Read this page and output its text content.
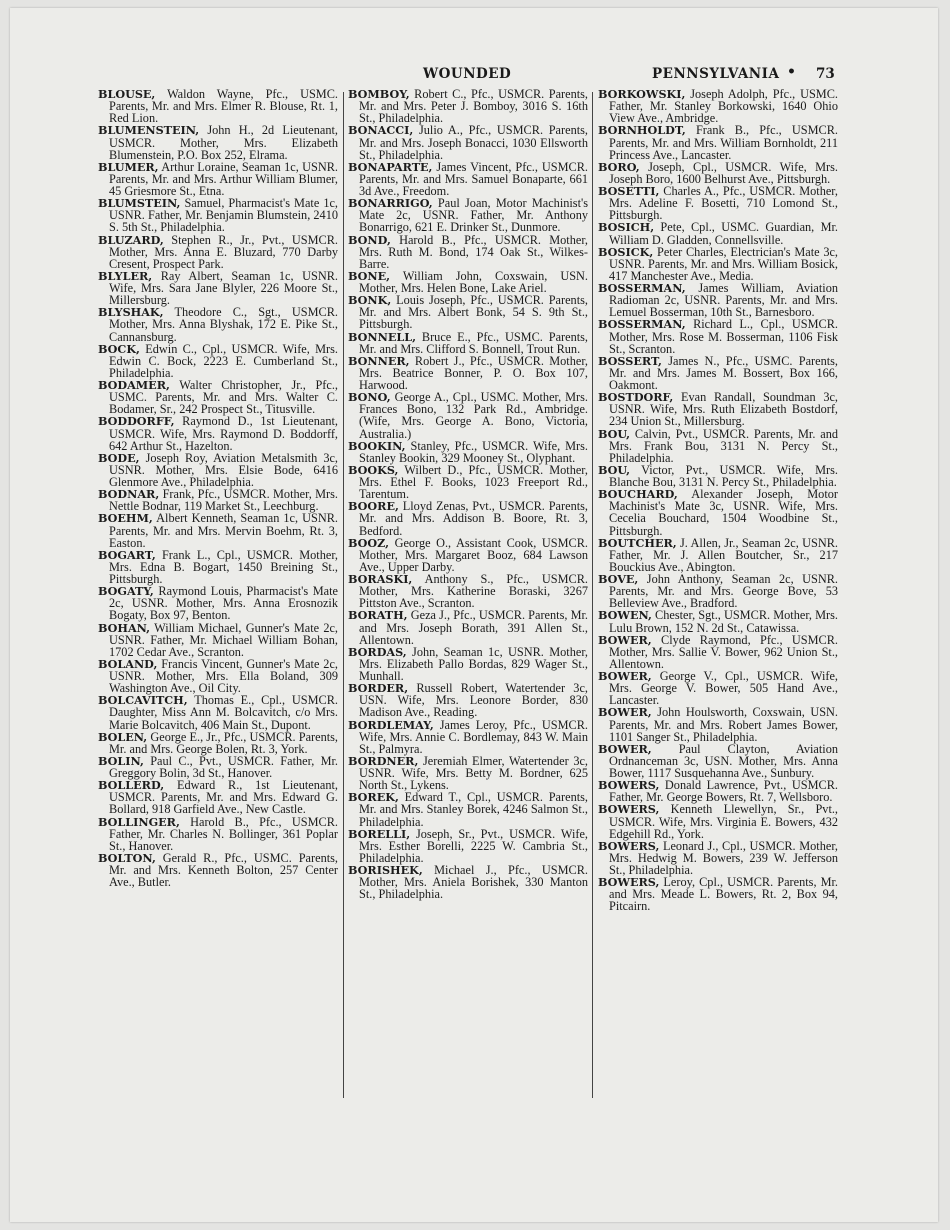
WOUNDED	PENNSYLVANIA • 73

BLOUSE, Waldon Wayne, Pfc., USMC. Parents, Mr. and Mrs. Elmer R. Blouse, Rt. 1, Red Lion.

BLUMENSTEIN, John H., 2d Lieutenant, USMCR. Mother, Mrs. Elizabeth Blumenstein, P.O. Box 252, Elrama.

BLUMER, Arthur Loraine, Seaman 1c, USNR. Parents, Mr. and Mrs. Arthur William Blumer, 45 Griesmore St., Etna.

BLUMSTEIN, Samuel, Pharmacist's Mate 1c, USNR. Father, Mr. Benjamin Blumstein, 2410 S. 5th St., Philadelphia.

BLUZARD, Stephen R., Jr., Pvt., USMCR. Mother, Mrs. Anna E. Bluzard, 770 Darby Cresent, Prospect Park.

BLYLER, Ray Albert, Seaman 1c, USNR. Wife, Mrs. Sara Jane Blyler, 226 Moore St., Millersburg.

BLYSHAK, Theodore C., Sgt., USMCR. Mother, Mrs. Anna Blyshak, 172 E. Pike St., Cannansburg.

BOCK, Edwin C., Cpl., USMCR. Wife, Mrs. Edwin C. Bock, 2223 E. Cumberland St., Philadelphia.

BODAMER, Walter Christopher, Jr., Pfc., USMC. Parents, Mr. and Mrs. Walter C. Bodamer, Sr., 242 Prospect St., Titusville.

BODDORFF, Raymond D., 1st Lieutenant, USMCR. Wife, Mrs. Raymond D. Boddorff, 642 Arthur St., Hazelton.

BODE, Joseph Roy, Aviation Metalsmith 3c, USNR. Mother, Mrs. Elsie Bode, 6416 Glenmore Ave., Philadelphia.

BODNAR, Frank, Pfc., USMCR. Mother, Mrs. Nettle Bodnar, 119 Market St., Leechburg.

BOEHM, Albert Kenneth, Seaman 1c, USNR. Parents, Mr. and Mrs. Mervin Boehm, Rt. 3, Easton.

BOGART, Frank L., Cpl., USMCR. Mother, Mrs. Edna B. Bogart, 1450 Breining St., Pittsburgh.

BOGATY, Raymond Louis, Pharmacist's Mate 2c, USNR. Mother, Mrs. Anna Erosnozik Bogaty, Box 97, Benton.

BOHAN, William Michael, Gunner's Mate 2c, USNR. Father, Mr. Michael William Bohan, 1702 Cedar Ave., Scranton.

BOLAND, Francis Vincent, Gunner's Mate 2c, USNR. Mother, Mrs. Ella Boland, 309 Washington Ave., Oil City.

BOLCAVITCH, Thomas E., Cpl., USMCR. Daughter, Miss Ann M. Bolcavitch, c/o Mrs. Marie Bolcavitch, 406 Main St., Dupont.

BOLEN, George E., Jr., Pfc., USMCR. Parents, Mr. and Mrs. George Bolen, Rt. 3, York.

BOLIN, Paul C., Pvt., USMCR. Father, Mr. Greggory Bolin, 3d St., Hanover.

BOLLERD, Edward R., 1st Lieutenant, USMCR. Parents, Mr. and Mrs. Edward G. Bollard, 918 Garfield Ave., New Castle.

BOLLINGER, Harold B., Pfc., USMCR. Father, Mr. Charles N. Bollinger, 361 Poplar St., Hanover.

BOLTON, Gerald R., Pfc., USMC. Parents, Mr. and Mrs. Kenneth Bolton, 257 Center Ave., Butler.

BOMBOY, Robert C., Pfc., USMCR. Parents, Mr. and Mrs. Peter J. Bomboy, 3016 S. 16th St., Philadelphia.

BONACCI, Julio A., Pfc., USMCR. Parents, Mr. and Mrs. Joseph Bonacci, 1030 Ellsworth St., Philadelphia.

BONAPARTE, James Vincent, Pfc., USMCR. Parents, Mr. and Mrs. Samuel Bonaparte, 661 3d Ave., Freedom.

BONARRIGO, Paul Joan, Motor Machinist's Mate 2c, USNR. Father, Mr. Anthony Bonarrigo, 621 E. Drinker St., Dunmore.

BOND, Harold B., Pfc., USMCR. Mother, Mrs. Ruth M. Bond, 174 Oak St., Wilkes-Barre.

BONE, William John, Coxswain, USN. Mother, Mrs. Helen Bone, Lake Ariel.

BONK, Louis Joseph, Pfc., USMCR. Parents, Mr. and Mrs. Albert Bonk, 54 S. 9th St., Pittsburgh.

BONNELL, Bruce E., Pfc., USMC. Parents, Mr. and Mrs. Clifford S. Bonnell, Trout Run.

BONNER, Robert J., Pfc., USMCR. Mother, Mrs. Beatrice Bonner, P. O. Box 107, Harwood.

BONO, George A., Cpl., USMC. Mother, Mrs. Frances Bono, 132 Park Rd., Ambridge. (Wife, Mrs. George A. Bono, Victoria, Australia.)

BOOKIN, Stanley, Pfc., USMCR. Wife, Mrs. Stanley Bookin, 329 Mooney St., Olyphant.

BOOKS, Wilbert D., Pfc., USMCR. Mother, Mrs. Ethel F. Books, 1023 Freeport Rd., Tarentum.

BOORE, Lloyd Zenas, Pvt., USMCR. Parents, Mr. and Mrs. Addison B. Boore, Rt. 3, Bedford.

BOOZ, George O., Assistant Cook, USMCR. Mother, Mrs. Margaret Booz, 684 Lawson Ave., Upper Darby.

BORASKI, Anthony S., Pfc., USMCR. Mother, Mrs. Katherine Boraski, 3267 Pittston Ave., Scranton.

BORATH, Geza J., Pfc., USMCR. Parents, Mr. and Mrs. Joseph Borath, 391 Allen St., Allentown.

BORDAS, John, Seaman 1c, USNR. Mother, Mrs. Elizabeth Pallo Bordas, 829 Wager St., Munhall.

BORDER, Russell Robert, Watertender 3c, USN. Wife, Mrs. Leonore Border, 830 Madison Ave., Reading.

BORDLEMAY, James Leroy, Pfc., USMCR. Wife, Mrs. Annie C. Bordlemay, 843 W. Main St., Palmyra.

BORDNER, Jeremiah Elmer, Watertender 3c, USNR. Wife, Mrs. Betty M. Bordner, 625 North St., Lykens.

BOREK, Edward T., Cpl., USMCR. Parents, Mr. and Mrs. Stanley Borek, 4246 Salmon St., Philadelphia.

BORELLI, Joseph, Sr., Pvt., USMCR. Wife, Mrs. Esther Borelli, 2225 W. Cambria St., Philadelphia.

BORISHEK, Michael J., Pfc., USMCR. Mother, Mrs. Aniela Borishek, 330 Manton St., Philadelphia.

BORKOWSKI, Joseph Adolph, Pfc., USMC. Father, Mr. Stanley Borkowski, 1640 Ohio View Ave., Ambridge.

BORNHOLDT, Frank B., Pfc., USMCR. Parents, Mr. and Mrs. William Bornholdt, 211 Princess Ave., Lancaster.

BORO, Joseph, Cpl., USMCR. Wife, Mrs. Joseph Boro, 1600 Belhurst Ave., Pittsburgh.

BOSETTI, Charles A., Pfc., USMCR. Mother, Mrs. Adeline F. Bosetti, 710 Lomond St., Pittsburgh.

BOSICH, Pete, Cpl., USMC. Guardian, Mr. William D. Gladden, Connellsville.

BOSICK, Peter Charles, Electrician's Mate 3c, USNR. Parents, Mr. and Mrs. William Bosick, 417 Manchester Ave., Media.

BOSSERMAN, James William, Aviation Radioman 2c, USNR. Parents, Mr. and Mrs. Lemuel Bosserman, 10th St., Barnesboro.

BOSSERMAN, Richard L., Cpl., USMCR. Mother, Mrs. Rose M. Bosserman, 1106 Fisk St., Scranton.

BOSSERT, James N., Pfc., USMC. Parents, Mr. and Mrs. James M. Bossert, Box 166, Oakmont.

BOSTDORF, Evan Randall, Soundman 3c, USNR. Wife, Mrs. Ruth Elizabeth Bostdorf, 234 Union St., Millersburg.

BOU, Calvin, Pvt., USMCR. Parents, Mr. and Mrs. Frank Bou, 3131 N. Percy St., Philadelphia.

BOU, Victor, Pvt., USMCR. Wife, Mrs. Blanche Bou, 3131 N. Percy St., Philadelphia.

BOUCHARD, Alexander Joseph, Motor Machinist's Mate 3c, USNR. Wife, Mrs. Cecelia Bouchard, 1504 Woodbine St., Pittsburgh.

BOUTCHER, J. Allen, Jr., Seaman 2c, USNR. Father, Mr. J. Allen Boutcher, Sr., 217 Bouckius Ave., Abington.

BOVE, John Anthony, Seaman 2c, USNR. Parents, Mr. and Mrs. George Bove, 53 Belleview Ave., Bradford.

BOWEN, Chester, Sgt., USMCR. Mother, Mrs. Lulu Brown, 152 N. 2d St., Catawissa.

BOWER, Clyde Raymond, Pfc., USMCR. Mother, Mrs. Sallie V. Bower, 962 Union St., Allentown.

BOWER, George V., Cpl., USMCR. Wife, Mrs. George V. Bower, 505 Hand Ave., Lancaster.

BOWER, John Houlsworth, Coxswain, USN. Parents, Mr. and Mrs. Robert James Bower, 1101 Sanger St., Philadelphia.

BOWER, Paul Clayton, Aviation Ordnanceman 3c, USN. Mother, Mrs. Anna Bower, 1117 Susquehanna Ave., Sunbury.

BOWERS, Donald Lawrence, Pvt., USMCR. Father, Mr. George Bowers, Rt. 7, Wellsboro.

BOWERS, Kenneth Llewellyn, Sr., Pvt., USMCR. Wife, Mrs. Virginia E. Bowers, 432 Edgehill Rd., York.

BOWERS, Leonard J., Cpl., USMCR. Mother, Mrs. Hedwig M. Bowers, 239 W. Jefferson St., Philadelphia.

BOWERS, Leroy, Cpl., USMCR. Parents, Mr. and Mrs. Meade L. Bowers, Rt. 2, Box 94, Pitcairn.
